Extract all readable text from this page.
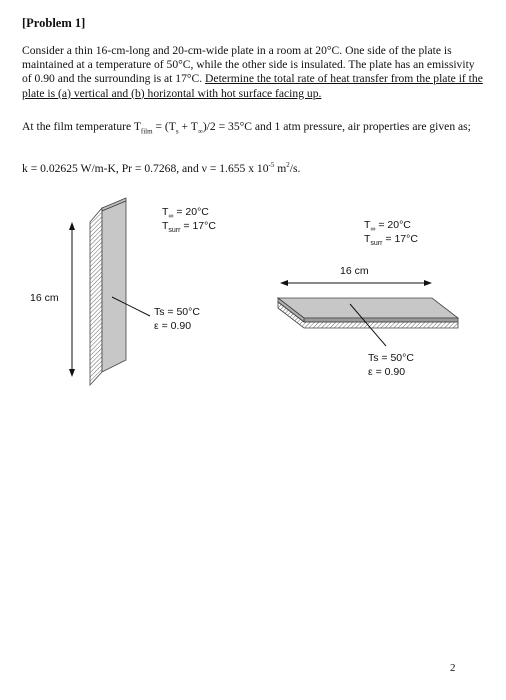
[Problem 1]
Consider a thin 16-cm-long and 20-cm-wide plate in a room at 20°C. One side of the plate is maintained at a temperature of 50°C, while the other side is insulated. The plate has an emissivity of 0.90 and the surrounding is at 17°C. Determine the total rate of heat transfer from the plate if the plate is (a) vertical and (b) horizontal with hot surface facing up.
At the film temperature $T_{film} = (T_s + T_\infty)/2 = 35^\circ C$ and 1 atm pressure, air properties are given as;
k = 0.02625 W/m-K, Pr = 0.7268, and ν = 1.655 x $10^{-5}$ $m^2/s$.
$T_\infty = 20^\circ C$
$T_{surr} = 17^\circ C$
16 cm
Ts = 50°C
ε = 0.90
$T_\infty = 20^\circ C$
$T_{surr} = 17^\circ C$
16 cm
Ts = 50°C
ε = 0.90
2
